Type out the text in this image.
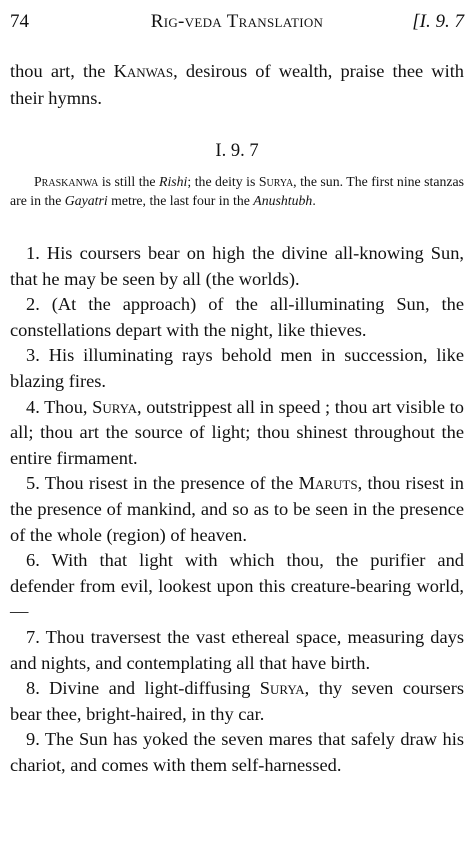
74	Rig-veda Translation	[I. 9. 7

thou art, the Kanwas, desirous of wealth, praise thee with their hymns.

I. 9. 7

Praskanwa is still the Rishi; the deity is Surya, the sun. The first nine stanzas are in the Gayatri metre, the last four in the Anushtubh.

1. His coursers bear on high the divine all-knowing Sun, that he may be seen by all (the worlds).

2. (At the approach) of the all-illuminating Sun, the constellations depart with the night, like thieves.

3. His illuminating rays behold men in succession, like blazing fires.

4. Thou, Surya, outstrippest all in speed ; thou art visible to all; thou art the source of light; thou shinest throughout the entire firmament.

5. Thou risest in the presence of the Maruts, thou risest in the presence of mankind, and so as to be seen in the presence of the whole (region) of heaven.

6. With that light with which thou, the purifier and defender from evil, lookest upon this creature-bearing world,—

7. Thou traversest the vast ethereal space, measuring days and nights, and contemplating all that have birth.

8. Divine and light-diffusing Surya, thy seven coursers bear thee, bright-haired, in thy car.

9. The Sun has yoked the seven mares that safely draw his chariot, and comes with them self-harnessed.
